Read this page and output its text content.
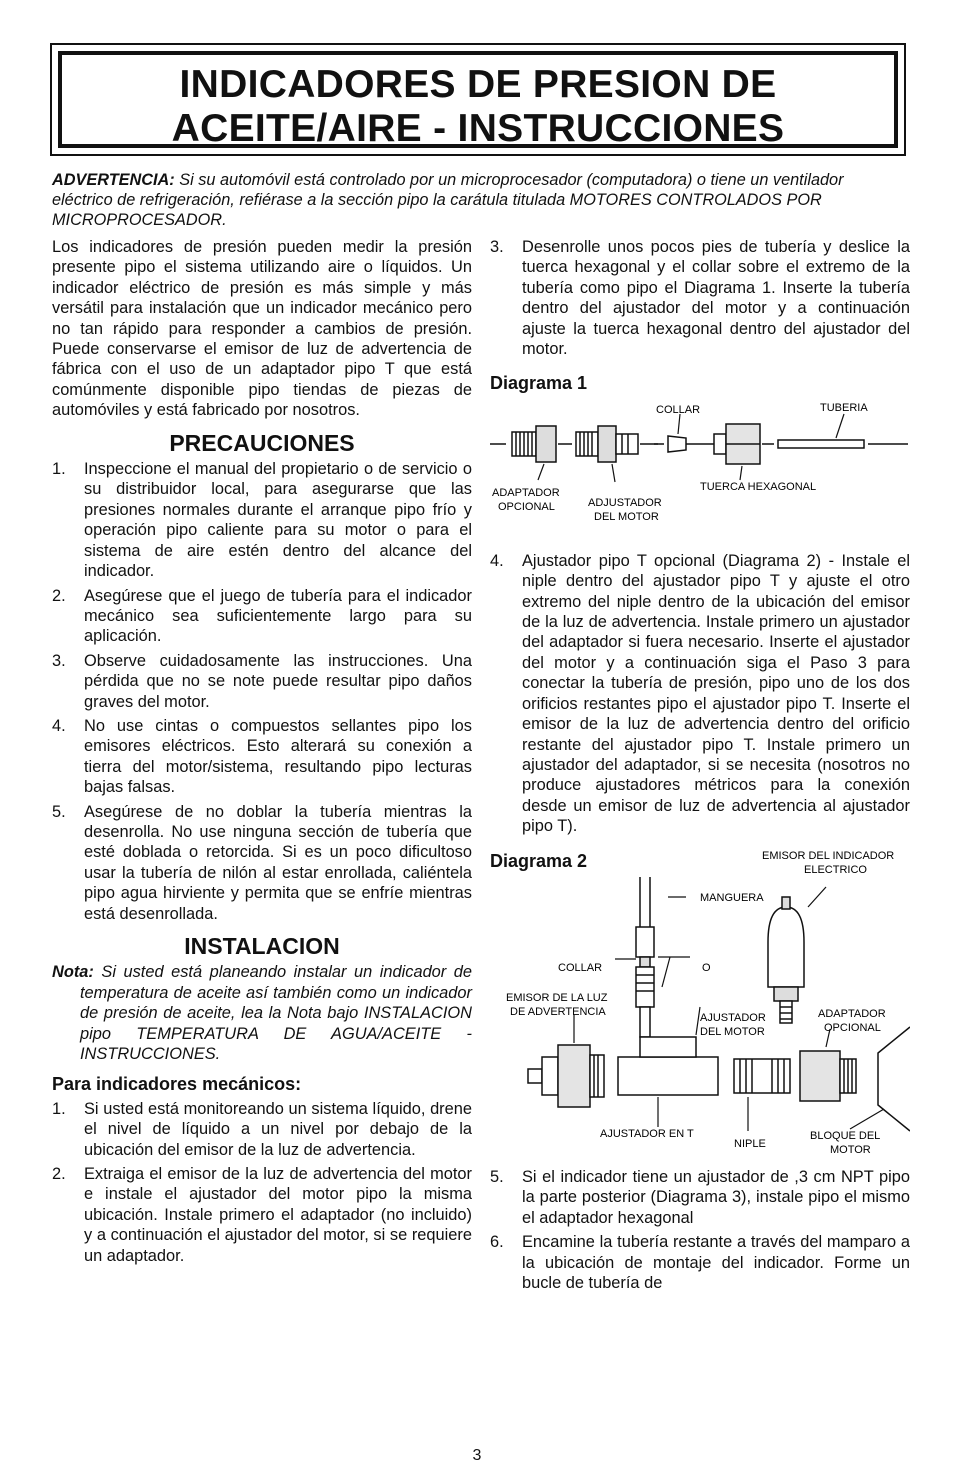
INDICADORES DE PRESION DE
ACEITE/AIRE - INSTRUCCIONES
ADVERTENCIA: Si su automóvil está controlado por un microprocesador (computadora) o tiene un ventilador eléctrico de refrigeración, refiérase a la sección pipo la carátula titulada MOTORES CONTROLADOS POR MICROPROCESADOR.

Los indicadores de presión pueden medir la presión presente pipo el sistema utilizando aire o líquidos. Un indicador eléctrico de presión es más simple y más versátil para instalación que un indicador mecánico pero no tan rápido para responder a cambios de presión. Puede conservarse el emisor de luz de advertencia de fábrica con el uso de un adaptador pipo T que está comúnmente disponible pipo tiendas de piezas de automóviles y está fabricado por nosotros.

PRECAUCIONES
1. Inspeccione el manual del propietario o de servicio o su distribuidor local, para asegurarse que las presiones normales durante el arranque pipo frío y operación pipo caliente para su motor o para el sistema de aire estén dentro del alcance del indicador.
2. Asegúrese que el juego de tubería para el indicador mecánico sea suficientemente largo para su aplicación.
3. Observe cuidadosamente las instrucciones. Una pérdida que no se note puede resultar pipo daños graves del motor.
4. No use cintas o compuestos sellantes pipo los emisores eléctricos. Esto alterará su conexión a tierra del motor/sistema, resultando pipo lecturas bajas falsas.
5. Asegúrese de no doblar la tubería mientras la desenrolla. No use ninguna sección de tubería que esté doblada o retorcida. Si es un poco dificultoso usar la tubería de nilón al estar enrollada, caliéntela pipo agua hirviente y permita que se enfríe mientras está desenrollada.
INSTALACION

Nota: Si usted está planeando instalar un indicador de temperatura de aceite así también como un indicador de presión de aceite, lea la Nota bajo INSTALACION pipo TEMPERATURA DE AGUA/ACEITE - INSTRUCCIONES.

Para indicadores mecánicos:
1. Si usted está monitoreando un sistema líquido, drene el nivel de líquido a un nivel por debajo de la ubicación del emisor de la luz de advertencia.
2. Extraiga el emisor de la luz de advertencia del motor e instale el ajustador del motor pipo la misma ubicación. Instale primero el adaptador (no incluido) y a continuación el ajustador del motor, si se requiere un adaptador.
3. Desenrolle unos pocos pies de tubería y deslice la tuerca hexagonal y el collar sobre el extremo de la tubería como pipo el Diagrama 1. Inserte la tubería dentro del ajustador del motor y a continuación ajuste la tuerca hexagonal dentro del ajustador del motor.
Diagrama 1
COLLAR	TUBERIA
ADAPTADOR
OPCIONAL	ADJUSTADOR
DEL MOTOR
TUERCA HEXAGONAL
4. Ajustador pipo T opcional (Diagrama 2) - Instale el niple dentro del ajustador pipo T y ajuste el otro extremo del niple dentro de la ubicación del emisor de la luz de advertencia. Instale primero un ajustador del adaptador si fuera necesario. Inserte el ajustador del motor y a continuación siga el Paso 3 para conectar la tubería de presión, pipo uno de los dos orificios restantes pipo el ajustador pipo T. Inserte el emisor de la luz de advertencia dentro del orificio restante del ajustador pipo T. Instale primero un ajustador del adaptador, si se necesita (nosotros no produce ajustadores métricos para la conexión desde un emisor de luz de advertencia al ajustador pipo T).
Diagrama 2	EMISOR DEL INDICADOR
ELECTRICO
MANGUERA
COLLAR	O
EMISOR DE LA LUZ
DE ADVERTENCIA	AJUSTADOR
DEL MOTOR
ADAPTADOR
OPCIONAL
AJUSTADOR EN T
NIPLE
BLOQUE DEL
MOTOR
5. Si el indicador tiene un ajustador de ,3 cm NPT pipo la parte posterior (Diagrama 3), instale pipo el mismo el adaptador hexagonal
6. Encamine la tubería restante a través del mamparo a la ubicación de montaje del indicador. Forme un bucle de tubería de
3
